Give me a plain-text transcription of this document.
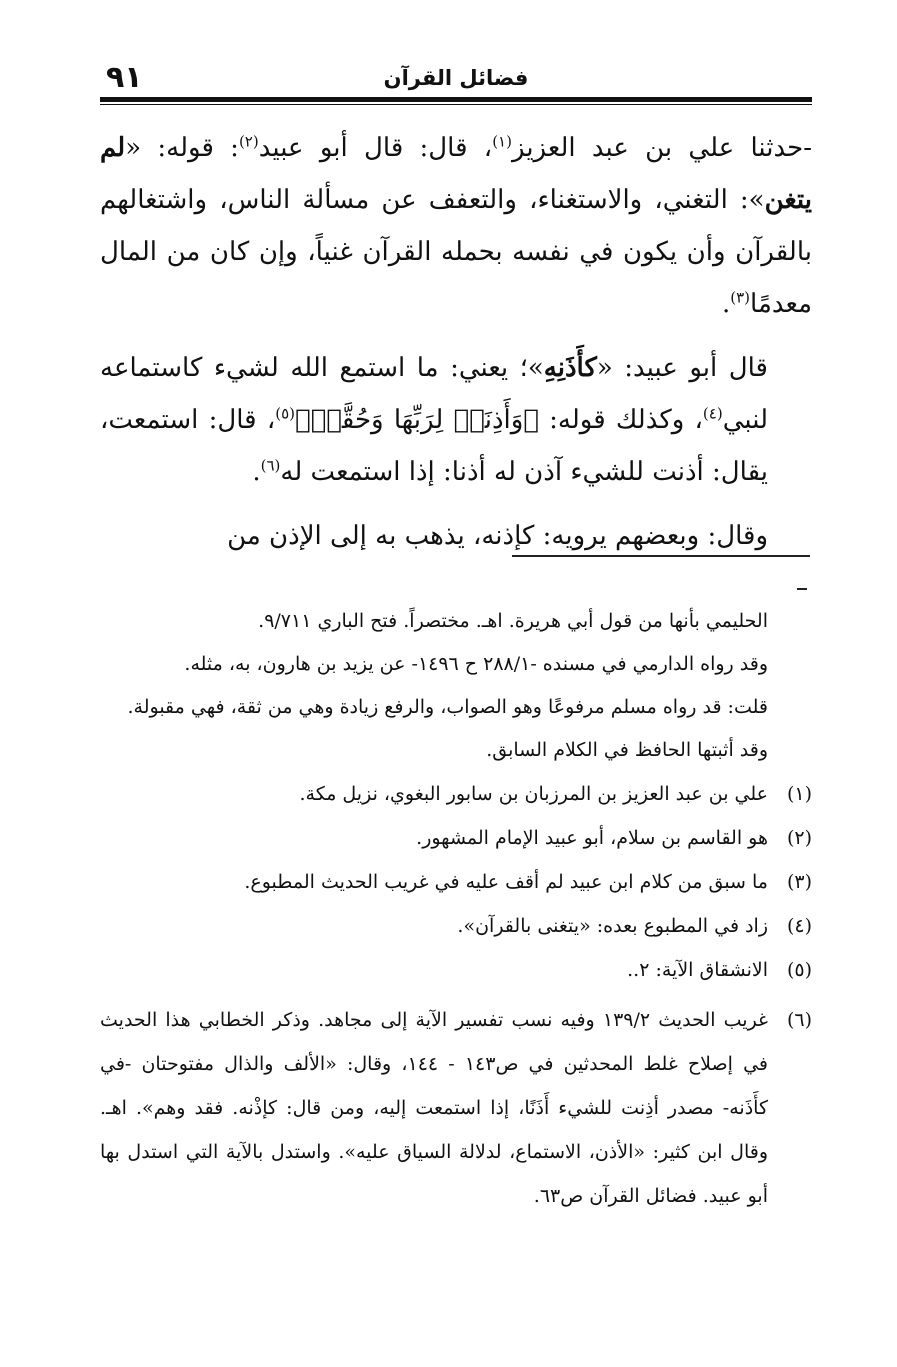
٩١	فضائل القرآن

-حدثنا علي بن عبد العزيز$^{(١)}$، قال: قال أبو عبيد$^{(٢)}$: قوله: «لم يتغن»: التغني، والاستغناء، والتعفف عن مسألة الناس، واشتغالهم بالقرآن وأن يكون في نفسه بحمله القرآن غنياً، وإن كان من المال معدمًا$^{(٣)}$.

قال أبو عبيد: «كأَذَنِهِ»؛ يعني: ما استمع الله لشيء كاستماعه لنبي$^{(٤)}$، وكذلك قوله: ﴿وَأَذِنَتۡ لِرَبِّهَا وَحُقَّتۡ﴾$^{(٥)}$، قال: استمعت، يقال: أذنت للشيء آذن له أذنا: إذا استمعت له$^{(٦)}$.

وقال: وبعضهم يرويه: كإذنه، يذهب به إلى الإذن من

الحليمي بأنها من قول أبي هريرة. اهـ. مختصراً. فتح الباري ٩/٧١١.
وقد رواه الدارمي في مسنده -٢٨٨/١ ح ١٤٩٦- عن يزيد بن هارون، به، مثله.
قلت: قد رواه مسلم مرفوعًا وهو الصواب، والرفع زيادة وهي من ثقة، فهي مقبولة.
وقد أثبتها الحافظ في الكلام السابق.
(١)
علي بن عبد العزيز بن المرزبان بن سابور البغوي، نزيل مكة.
(٢)
هو القاسم بن سلام، أبو عبيد الإمام المشهور.
(٣)
ما سبق من كلام ابن عبيد لم أقف عليه في غريب الحديث المطبوع.
(٤)
زاد في المطبوع بعده: «يتغنى بالقرآن».
(٥)
الانشقاق الآية: ٢..
(٦)
غريب الحديث ١٣٩/٢ وفيه نسب تفسير الآية إلى مجاهد. وذكر الخطابي هذا الحديث في إصلاح غلط المحدثين في ص١٤٣ - ١٤٤، وقال: «الألف والذال مفتوحتان -في كأَذَنه- مصدر أذِنت للشيء أَذَنًا، إذا استمعت إليه، ومن قال: كإذْنه. فقد وهم». اهـ. وقال ابن كثير: «الأذن، الاستماع، لدلالة السياق عليه». واستدل بالآية التي استدل بها أبو عبيد. فضائل القرآن ص٦٣.
